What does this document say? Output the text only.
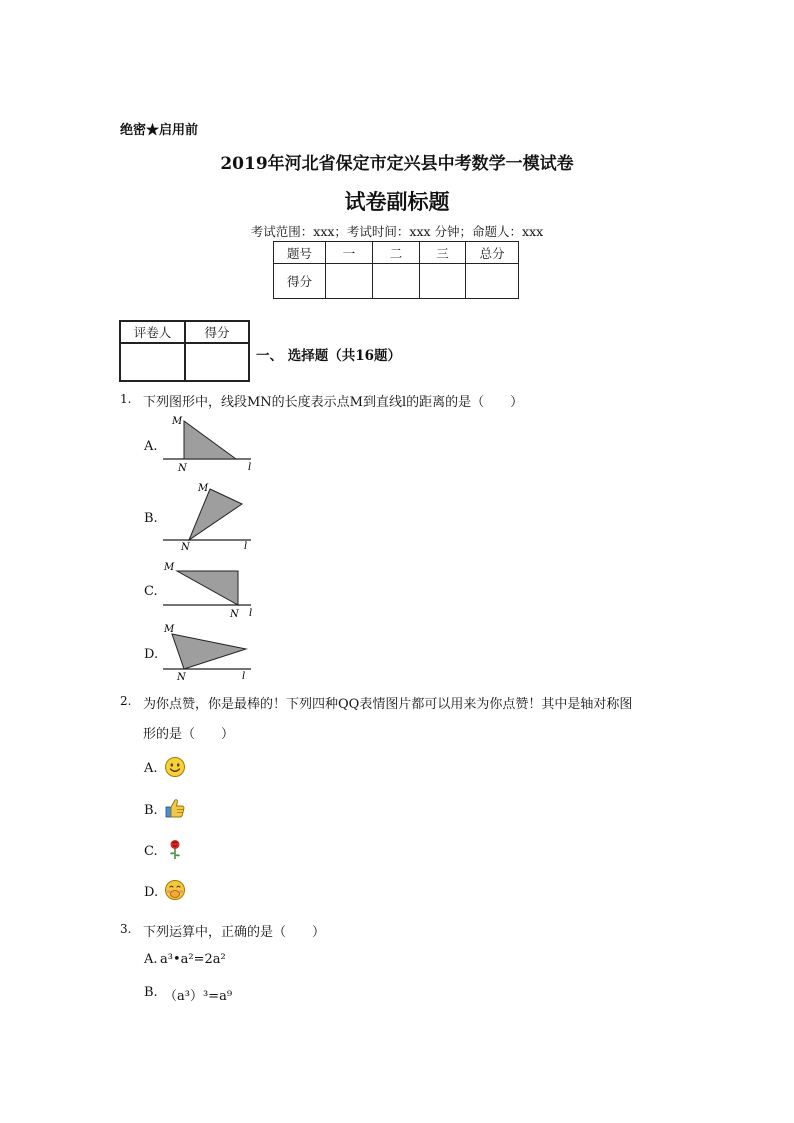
绝密★启用前
2019年河北省保定市定兴县中考数学一模试卷
试卷副标题
考试范围：xxx；考试时间：xxx 分钟；命题人：xxx
题号	一	二	三	总分
得分				
评卷人	得分

一、 选择题（共16题）
1. 下列图形中，线段MN的长度表示点M到直线l的距离的是（　　）
A.
M
N	l
B.
M
N	l
C.
M
N l
D.
M
N	l
2. 为你点赞，你是最棒的！下列四种QQ表情图片都可以用来为你点赞！其中是轴对称图
形的是（　　）
A.
B.
C.
D.
3. 下列运算中，正确的是（　　）
A. a³•a²=2a²
B. （a³）³=a⁹
